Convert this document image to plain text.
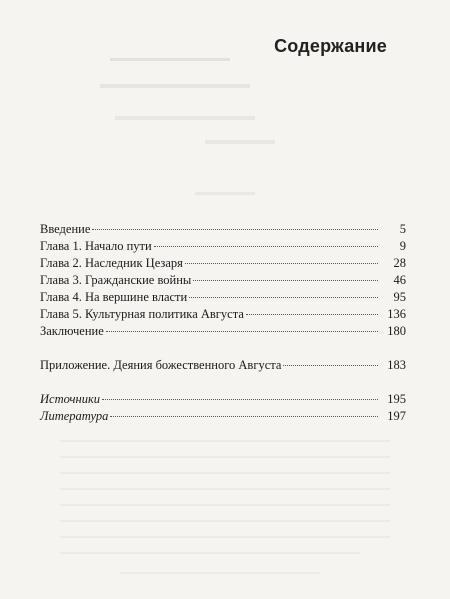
Содержание
Введение	5
Глава 1. Начало пути	9
Глава 2. Наследник Цезаря	28
Глава 3. Гражданские войны	46
Глава 4. На вершине власти	95
Глава 5. Культурная политика Августа	136
Заключение	180
Приложение. Деяния божественного Августа	183
Источники	195
Литература	197
